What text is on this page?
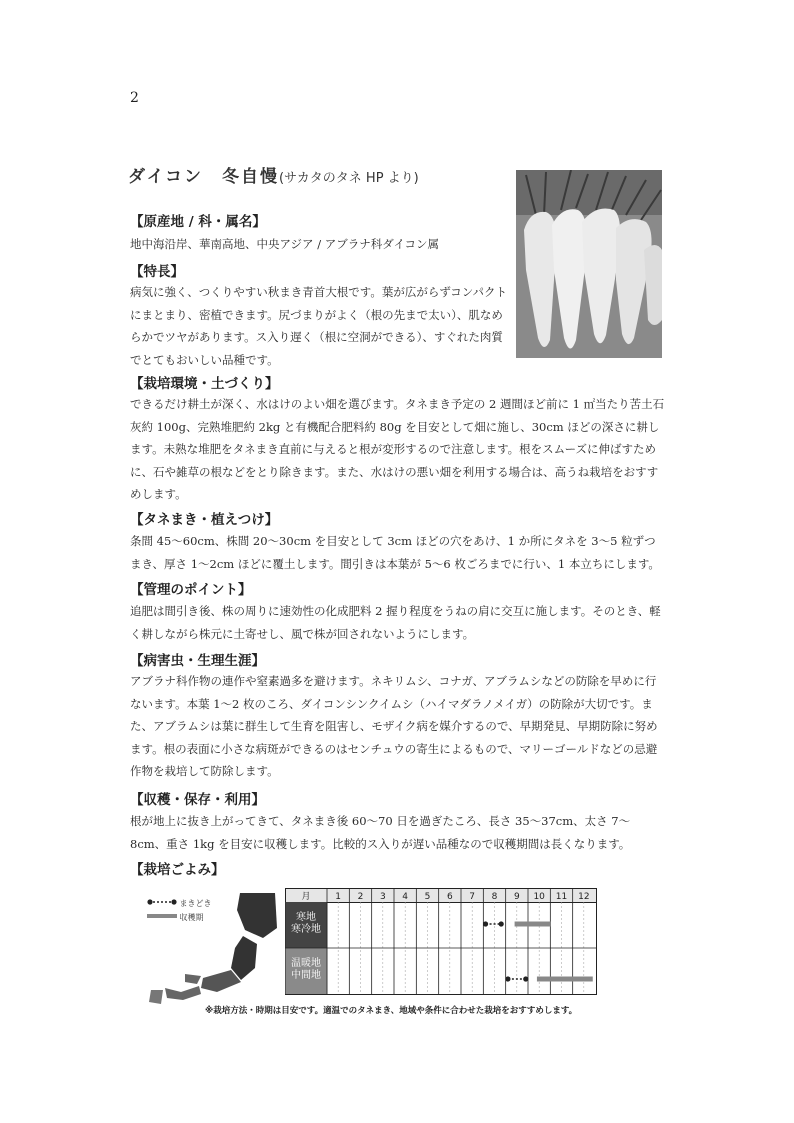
2
ダイコン　冬自慢(サカタのタネ HP より)
【原産地 / 科・属名】
地中海沿岸、華南高地、中央アジア / アブラナ科ダイコン属
【特長】
病気に強く、つくりやすい秋まき青首大根です。葉が広がらずコンパクトにまとまり、密植できます。尻づまりがよく（根の先まで太い）、肌なめらかでツヤがあります。ス入り遅く（根に空洞ができる）、すぐれた肉質でとてもおいしい品種です。
【栽培環境・土づくり】
できるだけ耕土が深く、水はけのよい畑を選びます。タネまき予定の 2 週間ほど前に 1 ㎡当たり苦土石灰約 100g、完熟堆肥約 2kg と有機配合肥料約 80g を目安として畑に施し、30cm ほどの深さに耕します。未熟な堆肥をタネまき直前に与えると根が変形するので注意します。根をスムーズに伸ばすために、石や雑草の根などをとり除きます。また、水はけの悪い畑を利用する場合は、高うね栽培をおすすめします。
【タネまき・植えつけ】
条間 45〜60cm、株間 20〜30cm を目安として 3cm ほどの穴をあけ、1 か所にタネを 3〜5 粒ずつまき、厚さ 1〜2cm ほどに覆土します。間引きは本葉が 5〜6 枚ごろまでに行い、1 本立ちにします。
【管理のポイント】
追肥は間引き後、株の周りに速効性の化成肥料 2 握り程度をうねの肩に交互に施します。そのとき、軽く耕しながら株元に土寄せし、風で株が回されないようにします。
【病害虫・生理生涯】
アブラナ科作物の連作や窒素過多を避けます。ネキリムシ、コナガ、アブラムシなどの防除を早めに行ないます。本葉 1〜2 枚のころ、ダイコンシンクイムシ（ハイマダラノメイガ）の防除が大切です。また、アブラムシは葉に群生して生育を阻害し、モザイク病を媒介するので、早期発見、早期防除に努めます。根の表面に小さな病斑ができるのはセンチュウの寄生によるもので、マリーゴールドなどの忌避作物を栽培して防除します。
【収穫・保存・利用】
根が地上に抜き上がってきて、タネまき後 60〜70 日を過ぎたころ、長さ 35〜37cm、太さ 7〜8cm、重さ 1kg を目安に収穫します。比較的ス入りが遅い品種なので収穫期間は長くなります。
【栽培ごよみ】
まきどき
収穫期	寒地
寒冷地
温暖地
中間地
月	1 2 3 4 5 6 7 8 9 10 11 12
※栽培方法・時期は目安です。適温でのタネまき、地域や条件に合わせた栽培をおすすめします。
